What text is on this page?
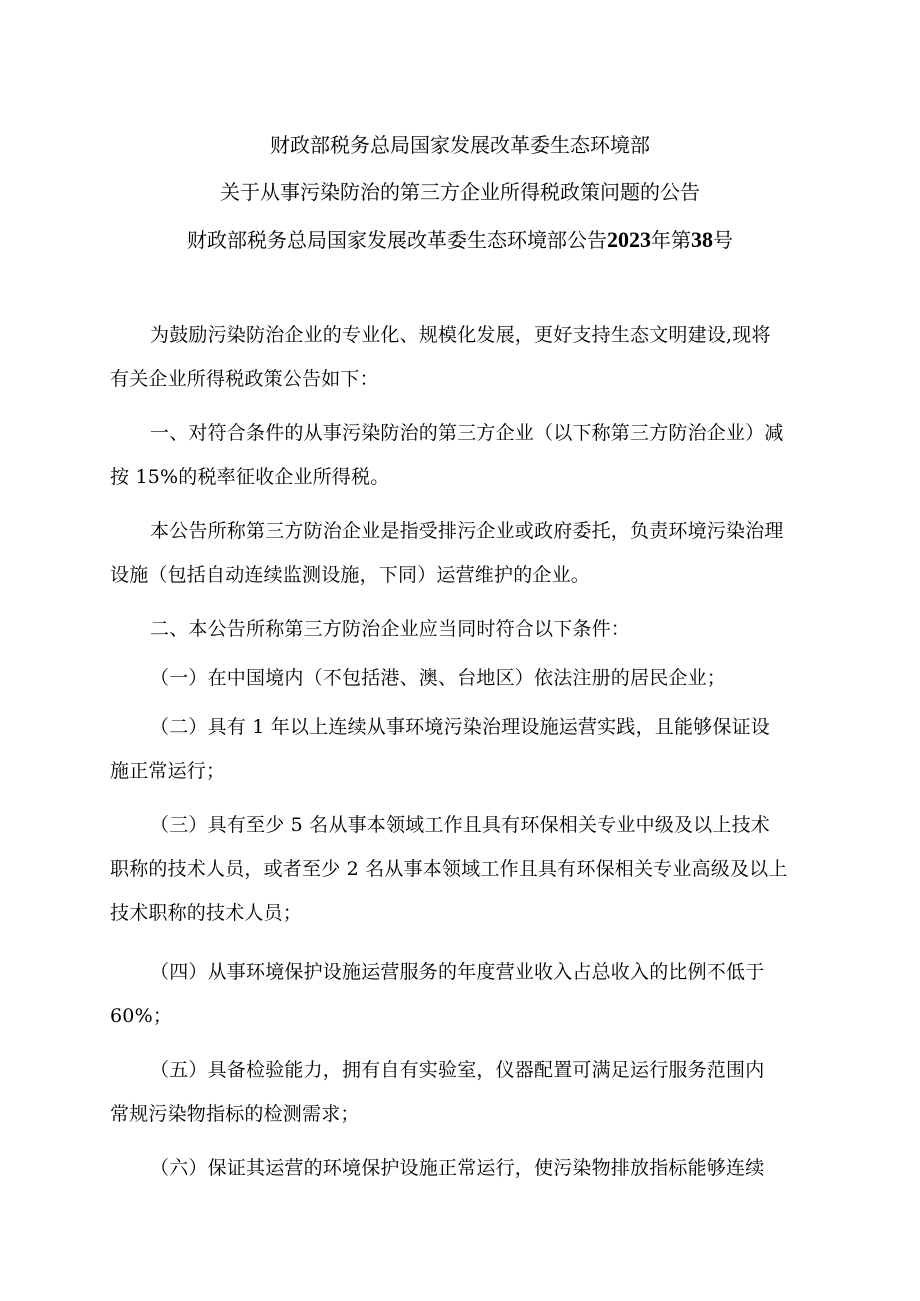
财政部税务总局国家发展改革委生态环境部
关于从事污染防治的第三方企业所得税政策问题的公告
财政部税务总局国家发展改革委生态环境部公告2023年第38号
为鼓励污染防治企业的专业化、规模化发展，更好支持生态文明建设,现将
有关企业所得税政策公告如下：
一、对符合条件的从事污染防治的第三方企业（以下称第三方防治企业）减
按 15%的税率征收企业所得税。
本公告所称第三方防治企业是指受排污企业或政府委托，负责环境污染治理
设施（包括自动连续监测设施，下同）运营维护的企业。
二、本公告所称第三方防治企业应当同时符合以下条件：
（一）在中国境内（不包括港、澳、台地区）依法注册的居民企业；
（二）具有 1 年以上连续从事环境污染治理设施运营实践，且能够保证设
施正常运行；
（三）具有至少 5 名从事本领域工作且具有环保相关专业中级及以上技术
职称的技术人员，或者至少 2 名从事本领域工作且具有环保相关专业高级及以上
技术职称的技术人员；
（四）从事环境保护设施运营服务的年度营业收入占总收入的比例不低于
60%；
（五）具备检验能力，拥有自有实验室，仪器配置可满足运行服务范围内
常规污染物指标的检测需求；
（六）保证其运营的环境保护设施正常运行，使污染物排放指标能够连续
